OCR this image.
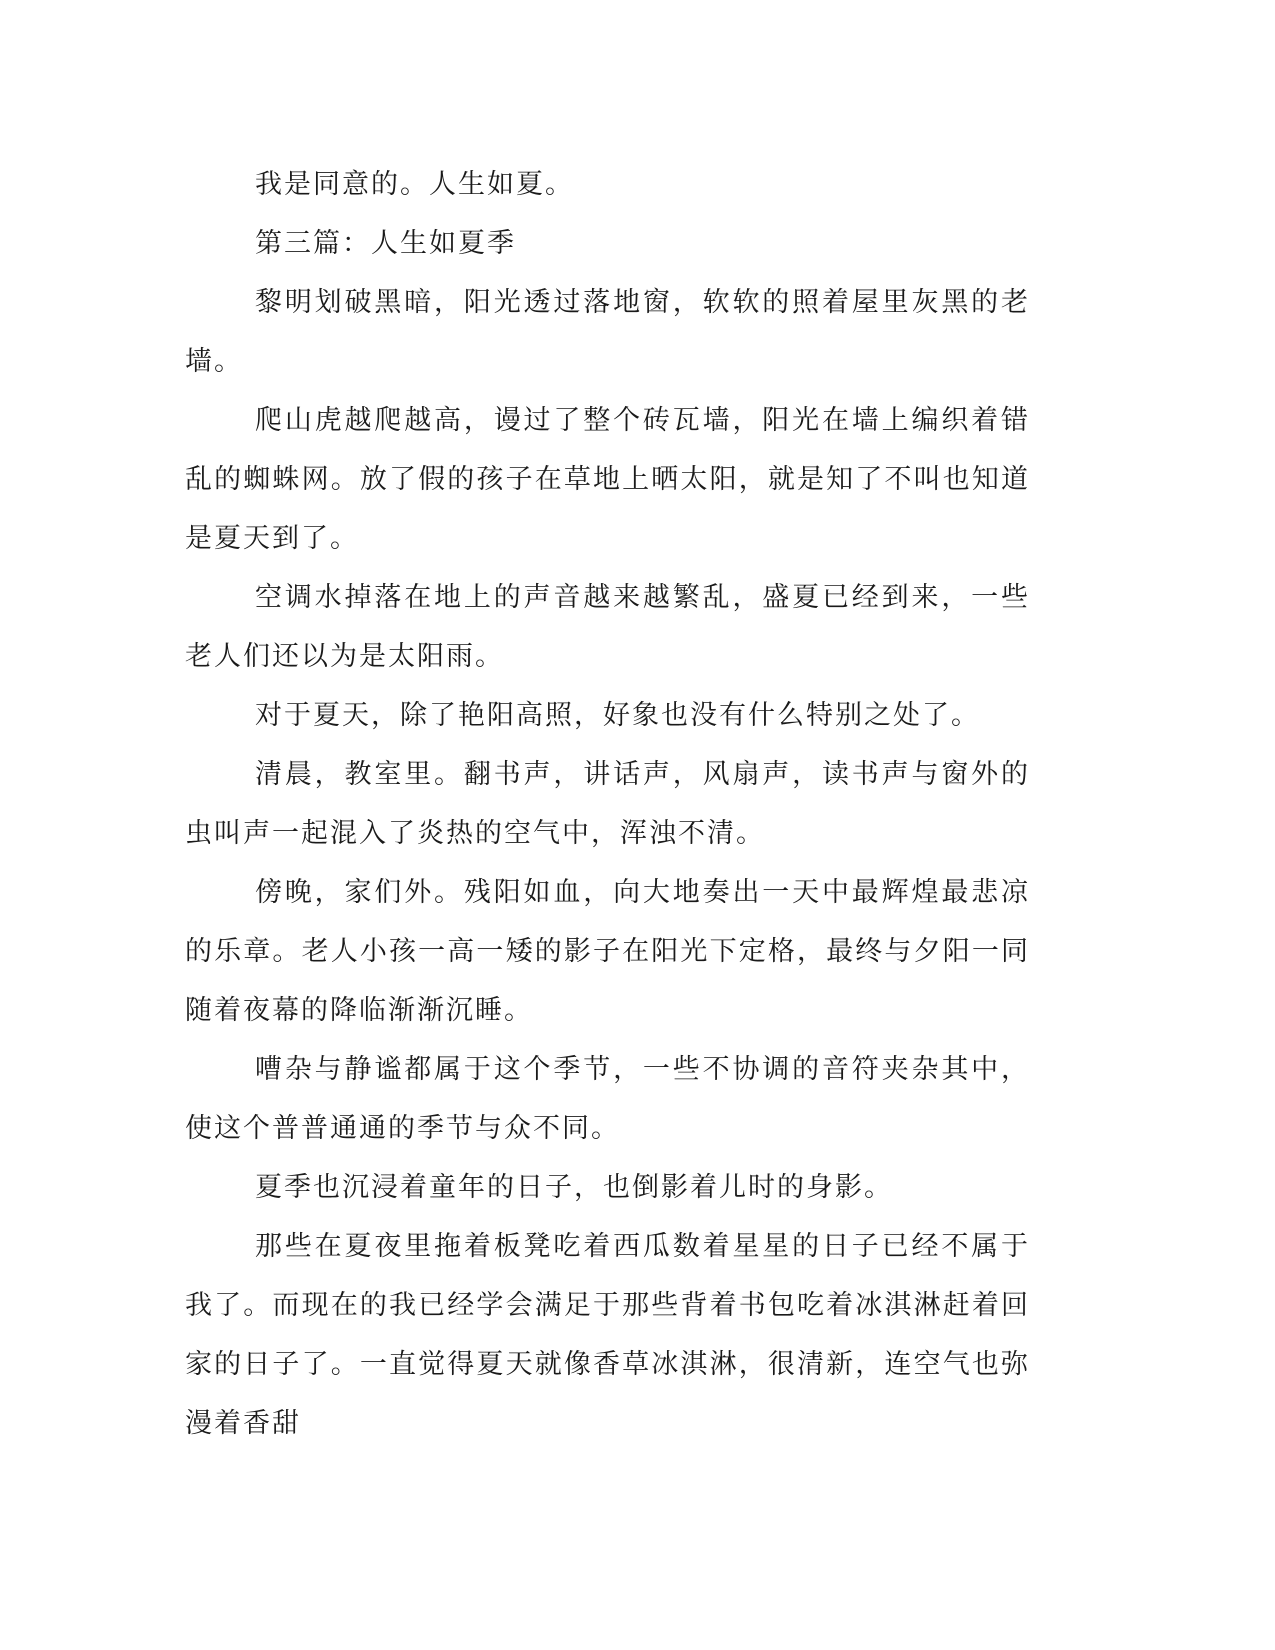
我是同意的。人生如夏。

第三篇：人生如夏季

黎明划破黑暗，阳光透过落地窗，软软的照着屋里灰黑的老墙。

爬山虎越爬越高，谩过了整个砖瓦墙，阳光在墙上编织着错乱的蜘蛛网。放了假的孩子在草地上晒太阳，就是知了不叫也知道是夏天到了。

空调水掉落在地上的声音越来越繁乱，盛夏已经到来，一些老人们还以为是太阳雨。

对于夏天，除了艳阳高照，好象也没有什么特别之处了。

清晨，教室里。翻书声，讲话声，风扇声，读书声与窗外的虫叫声一起混入了炎热的空气中，浑浊不清。

傍晚，家们外。残阳如血，向大地奏出一天中最辉煌最悲凉的乐章。老人小孩一高一矮的影子在阳光下定格，最终与夕阳一同随着夜幕的降临渐渐沉睡。

嘈杂与静谧都属于这个季节，一些不协调的音符夹杂其中，使这个普普通通的季节与众不同。

夏季也沉浸着童年的日子，也倒影着儿时的身影。

那些在夏夜里拖着板凳吃着西瓜数着星星的日子已经不属于我了。而现在的我已经学会满足于那些背着书包吃着冰淇淋赶着回家的日子了。一直觉得夏天就像香草冰淇淋，很清新，连空气也弥漫着香甜
